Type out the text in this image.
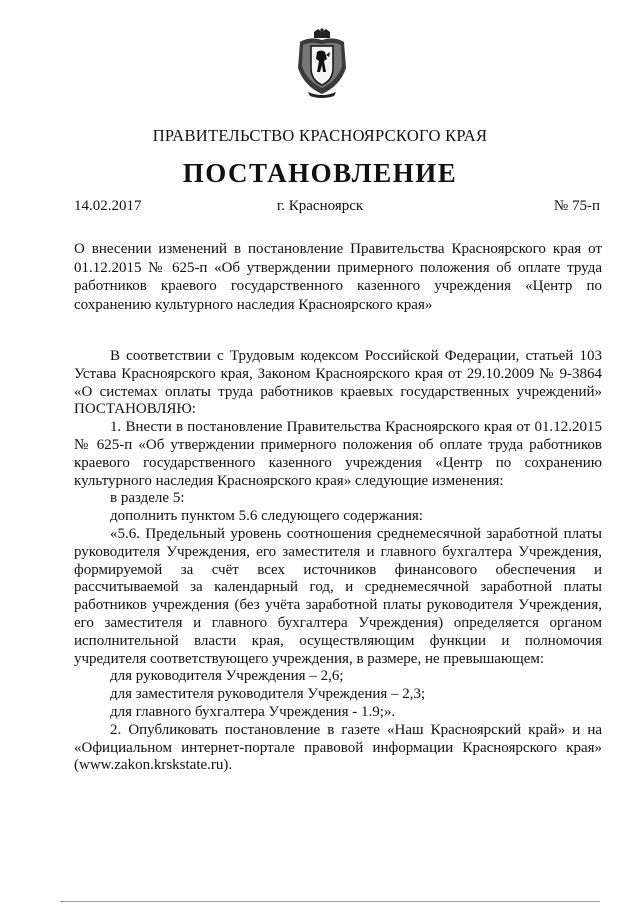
ПРАВИТЕЛЬСТВО КРАСНОЯРСКОГО КРАЯ
ПОСТАНОВЛЕНИЕ
14.02.2017	г. Красноярск	№ 75-п
О внесении изменений в постановление Правительства Красноярского края от 01.12.2015 № 625-п «Об утверждении примерного положения об оплате труда работников краевого государственного казенного учреждения «Центр по сохранению культурного наследия Красноярского края»

В соответствии с Трудовым кодексом Российской Федерации, статьей 103 Устава Красноярского края, Законом Красноярского края от 29.10.2009 № 9-3864 «О системах оплаты труда работников краевых государственных учреждений» ПОСТАНОВЛЯЮ:

1. Внести в постановление Правительства Красноярского края от 01.12.2015 № 625-п «Об утверждении примерного положения об оплате труда работников краевого государственного казенного учреждения «Центр по сохранению культурного наследия Красноярского края» следующие изменения:

в разделе 5:

дополнить пунктом 5.6 следующего содержания:

«5.6. Предельный уровень соотношения среднемесячной заработной платы руководителя Учреждения, его заместителя и главного бухгалтера Учреждения, формируемой за счёт всех источников финансового обеспечения и рассчитываемой за календарный год, и среднемесячной заработной платы работников учреждения (без учёта заработной платы руководителя Учреждения, его заместителя и главного бухгалтера Учреждения) определяется органом исполнительной власти края, осуществляющим функции и полномочия учредителя соответствующего учреждения, в размере, не превышающем:

для руководителя Учреждения – 2,6;

для заместителя руководителя Учреждения – 2,3;

для главного бухгалтера Учреждения - 1.9;».

2. Опубликовать постановление в газете «Наш Красноярский край» и на «Официальном интернет-портале правовой информации Красноярского края» (www.zakon.krskstate.ru).
